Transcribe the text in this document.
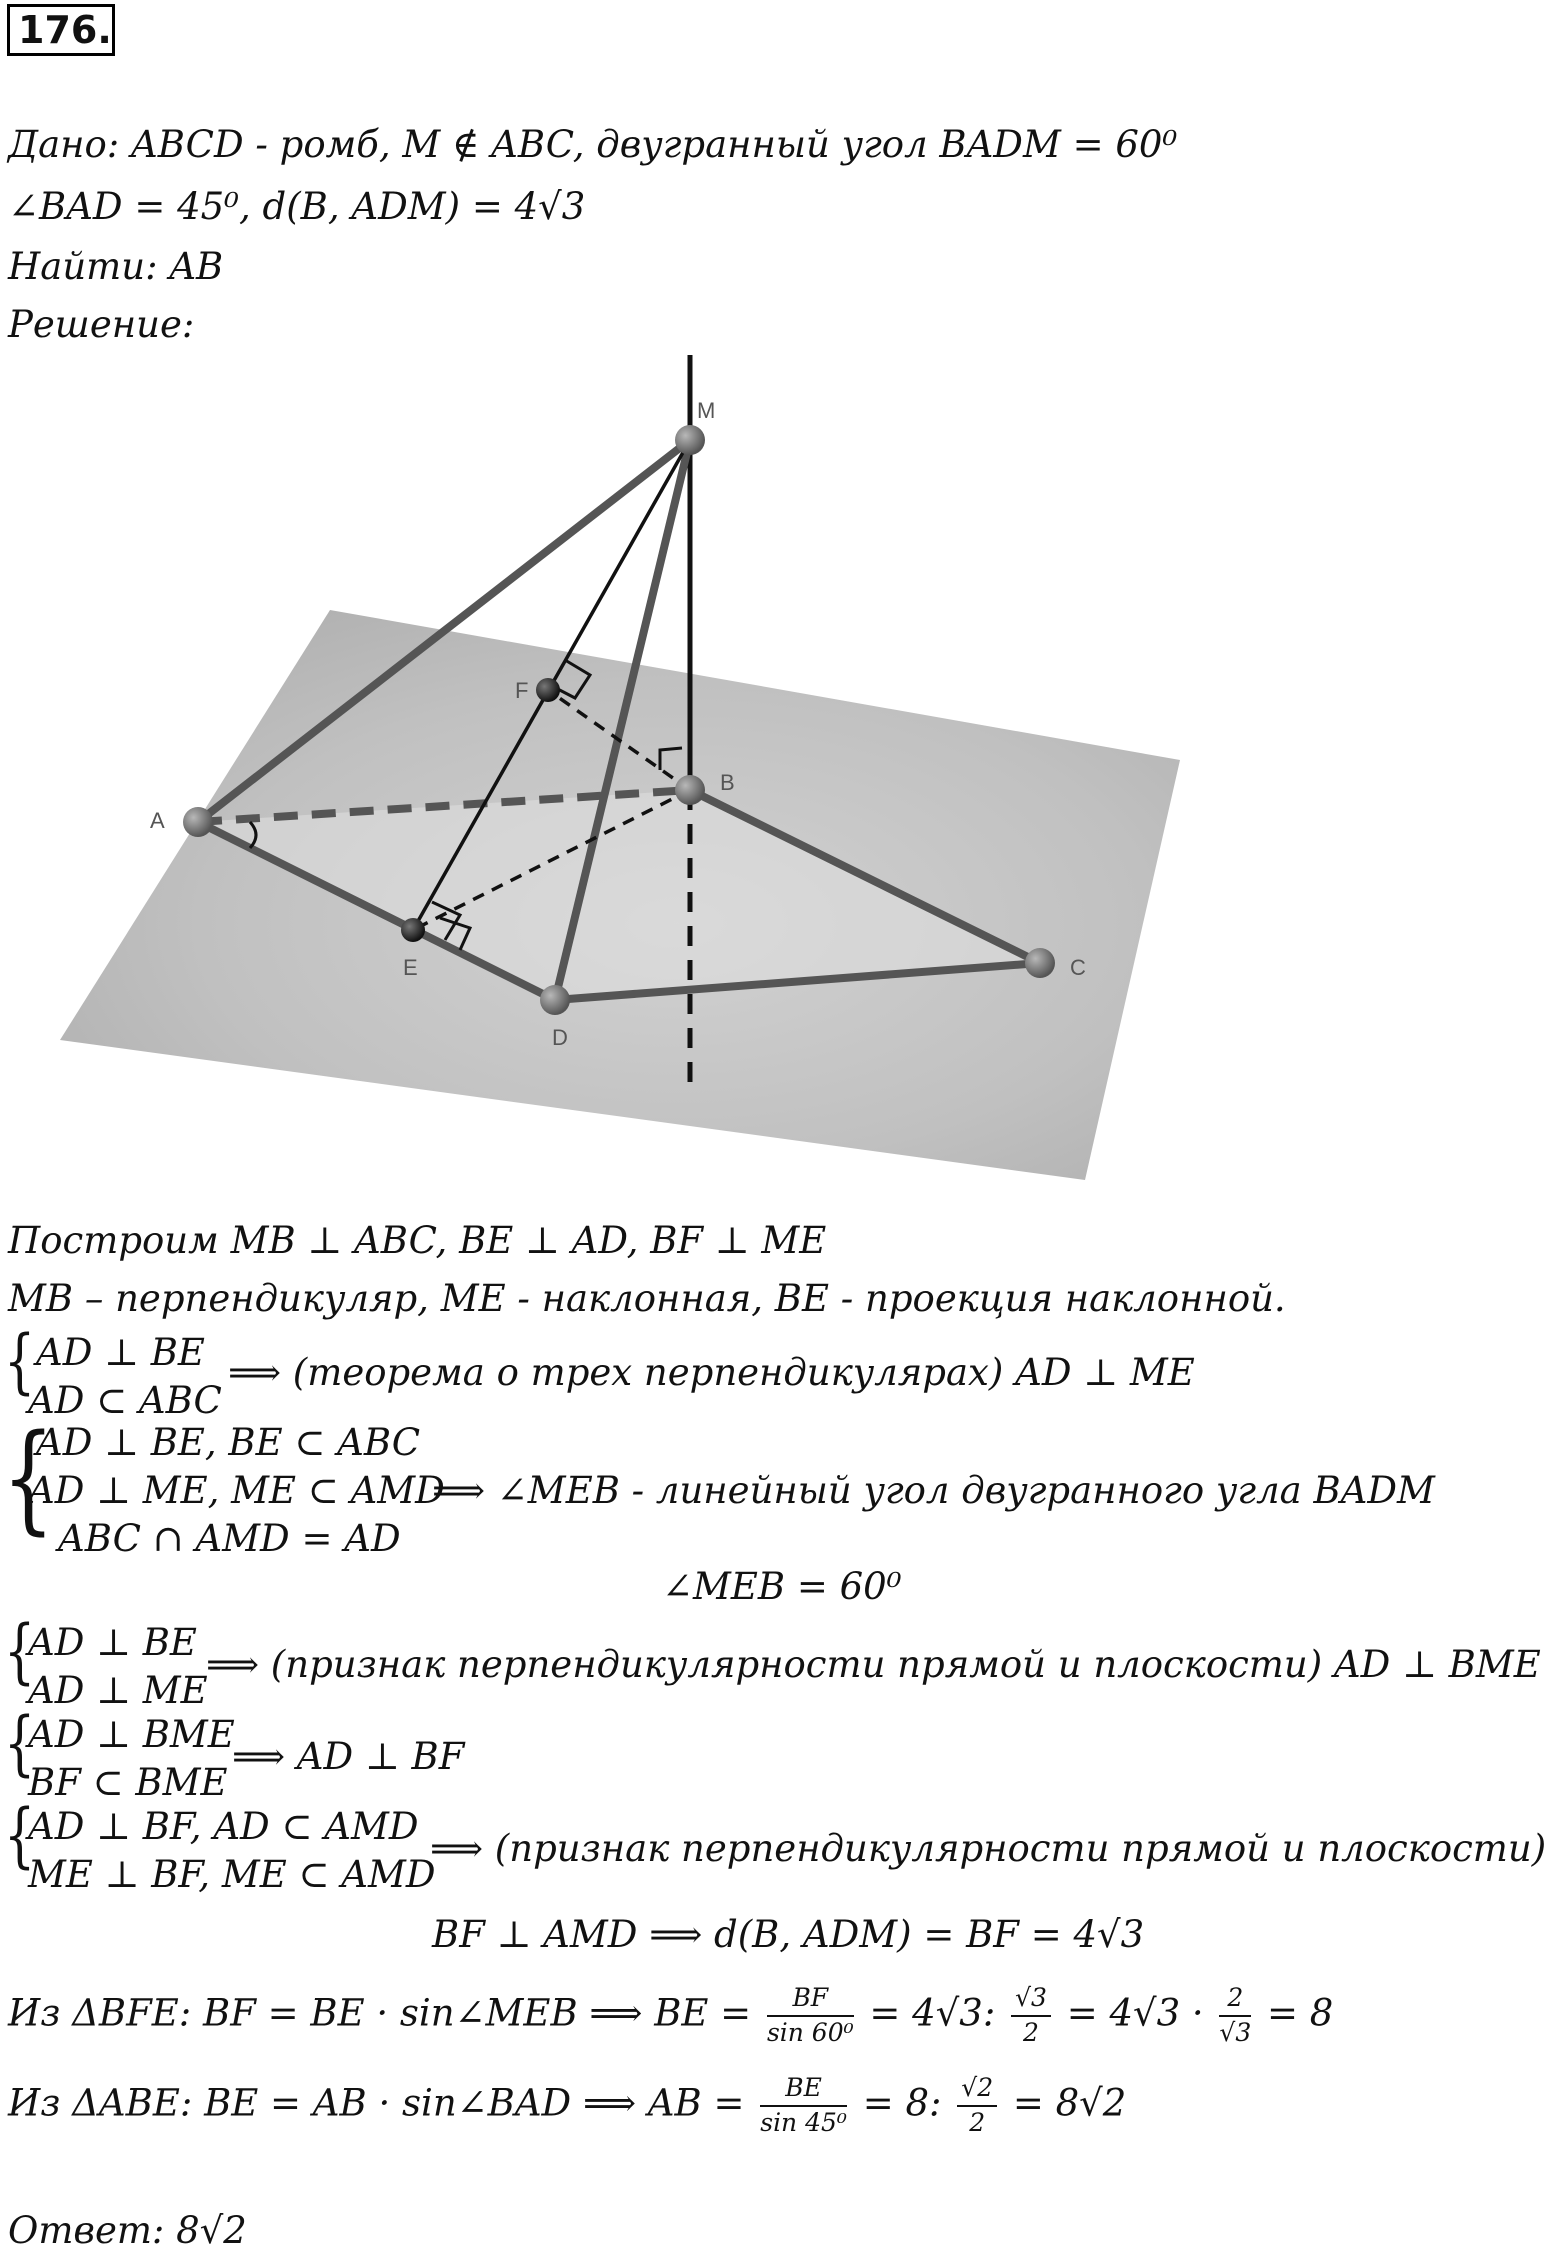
176.
Дано: ABCD - ромб, M ∉ ABC, двугранный угол BADM = 60⁰
∠BAD = 45⁰, d(B, ADM) = 4√3
Найти: AB
Решение:
M
F
B
A
E
D
C
Построим MB ⊥ ABC, BE ⊥ AD, BF ⊥ ME
MB – перпендикуляр, ME - наклонная, BE - проекция наклонной.
{ AD ⊥ BE
AD ⊂ ABC
⟹ (теорема о трех перпендикулярах) AD ⊥ ME
{
AD ⊥ BE, BE ⊂ ABC
AD ⊥ ME, ME ⊂ AMD
ABC ∩ AMD = AD
⟹ ∠MEB - линейный угол двугранного угла BADM
∠MEB = 60⁰
{
AD ⊥ BE
AD ⊥ ME
⟹ (признак перпендикулярности прямой и плоскости) AD ⊥ BME
{
AD ⊥ BME
BF ⊂ BME
⟹ AD ⊥ BF
{
AD ⊥ BF, AD ⊂ AMD
ME ⊥ BF, ME ⊂ AMD
⟹ (признак перпендикулярности прямой и плоскости)
BF ⊥ AMD ⟹ d(B, ADM) = BF = 4√3
Из ΔBFE: BF = BE · sin∠MEB ⟹ BE = $\frac{BF}{\text{sin 60⁰}} = 4√3$: $\frac{√3}{2} = 4√3 \cdot \frac{2}{√3} = 8$
Из ΔABE: BE = AB · sin∠BAD ⟹ AB = $\frac{BE}{\text{sin 45⁰}} = 8$: $\frac{√2}{2} = 8√2$
Ответ: 8√2
